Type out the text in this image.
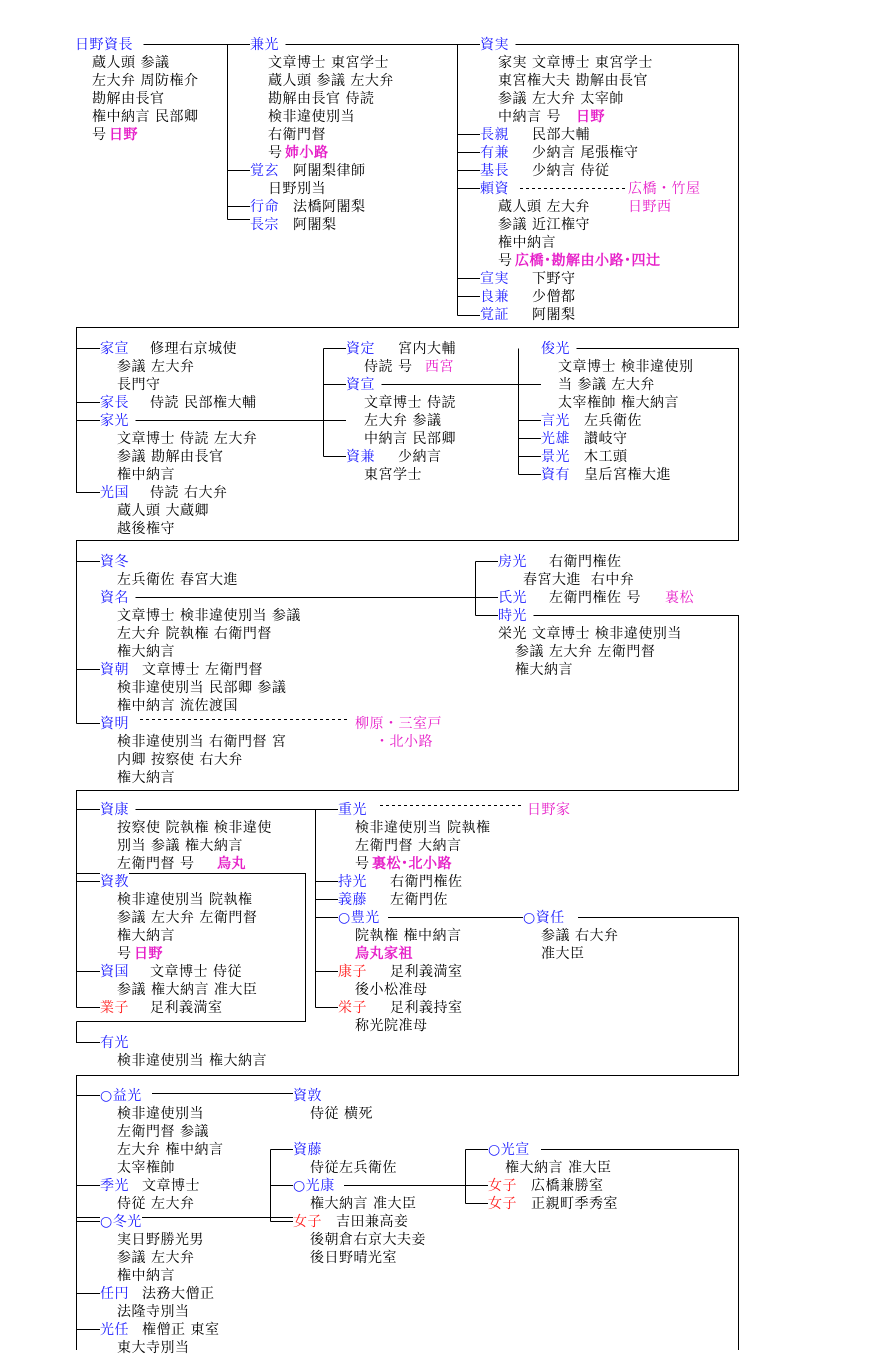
日野資長
蔵人頭 参議
左大弁 周防権介
勘解由長官
権中納言 民部卿
号 日野
兼光
文章博士 東宮学士
蔵人頭 参議 左大弁
勘解由長官 侍読
検非違使別当
右衛門督
号 姉小路
覚玄 阿闍梨律師
日野別当
行命 法橋阿闍梨
長宗 阿闍梨
資実
家実 文章博士 東宮学士
東宮権大夫 勘解由長官
参議 左大弁 太宰帥
中納言 号 日野
長親 民部大輔
有兼 少納言 尾張権守
基長 少納言 侍従
頼資	広橋・竹屋
蔵人頭 左大弁	日野西
参議 近江権守
権中納言
号 広橋･勘解由小路･四辻
宣実 下野守
良兼 少僧都
覚証 阿闍梨
家宣 修理右京城使
参議 左大弁
長門守
家長 侍読 民部権大輔
家光
文章博士 侍読 左大弁
参議 勘解由長官
権中納言
光国 侍読 右大弁
蔵人頭 大蔵卿
越後権守
資定 宮内大輔
侍読 号 西宮
資宣
文章博士 侍読
左大弁 参議
中納言 民部卿
資兼 少納言
東宮学士
俊光
文章博士 検非違使別
当 参議 左大弁
太宰権帥 権大納言
言光 左兵衛佐
光雄 讃岐守
景光 木工頭
資有 皇后宮権大進
資冬
左兵衛佐 春宮大進
資名
文章博士 検非違使別当 参議
左大弁 院執権 右衛門督
権大納言
資朝 文章博士 左衛門督
検非違使別当 民部卿 参議
権中納言 流佐渡国
資明	柳原・三室戸
検非違使別当 右衛門督 宮	・北小路
内卿 按察使 右大弁
権大納言
房光 右衛門権佐
春宮大進  右中弁
氏光 左衛門権佐 号 裏松
時光
栄光 文章博士 検非違使別当
参議 左大弁 左衛門督
権大納言
資康
按察使 院執権 検非違使
別当 参議 権大納言
左衛門督 号 烏丸
資教
検非違使別当 院執権
参議 左大弁 左衛門督
権大納言
号 日野
資国 文章博士 侍従
参議 権大納言 准大臣
業子 足利義満室
有光
検非違使別当 権大納言
重光	日野家
検非違使別当 院執権
左衛門督 大納言
号 裏松･北小路
持光 右衛門権佐
義藤 左衛門佐
○豊光
院執権 権中納言
烏丸家祖
康子 足利義満室
後小松准母
栄子 足利義持室
称光院准母
○資任
参議 右大弁
准大臣
○益光
検非違使別当
左衛門督 参議
左大弁 権中納言
太宰権帥
季光 文章博士
侍従 左大弁
○冬光
実日野勝光男
参議 左大弁
権中納言
任円 法務大僧正
法隆寺別当
光任 権僧正 東室
東大寺別当
資敦
侍従 横死
資藤
侍従左兵衛佐
○光康
権大納言 准大臣
女子 吉田兼高妾
後朝倉右京大夫妾
後日野晴光室
○光宣
権大納言 准大臣
女子 広橋兼勝室
女子 正親町季秀室
